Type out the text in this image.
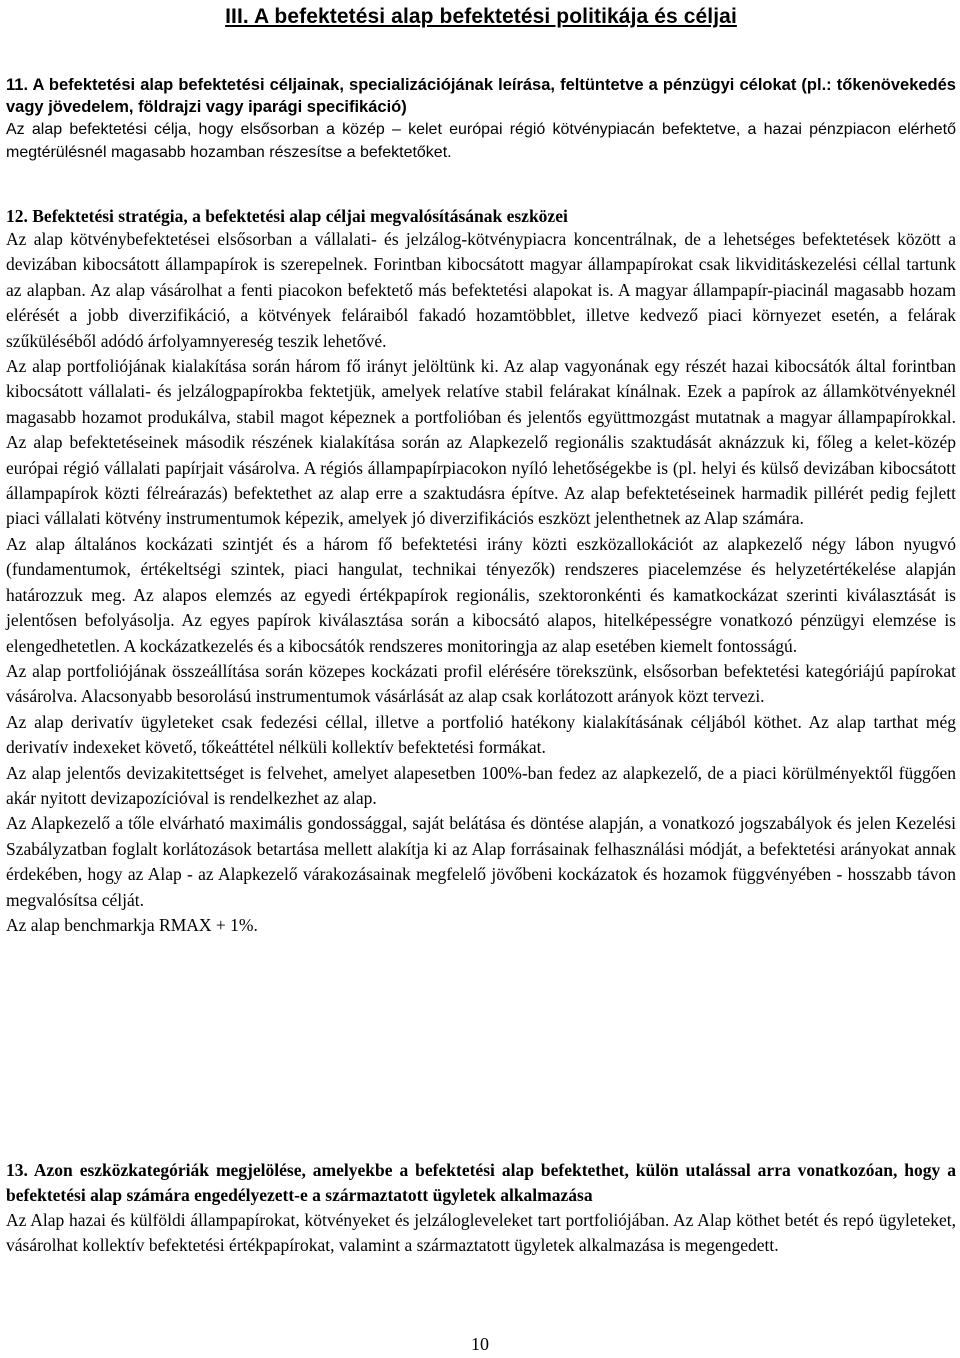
III. A befektetési alap befektetési politikája és céljai
11. A befektetési alap befektetési céljainak, specializációjának leírása, feltüntetve a pénzügyi célokat (pl.: tőkenövekedés vagy jövedelem, földrajzi vagy iparági specifikáció)

Az alap befektetési célja, hogy elsősorban a közép – kelet európai régió kötvénypiacán befektetve, a hazai pénzpiacon elérhető megtérülésnél magasabb hozamban részesítse a befektetőket.

12. Befektetési stratégia, a befektetési alap céljai megvalósításának eszközei

Az alap kötvénybefektetései elsősorban a vállalati- és jelzálog-kötvénypiacra koncentrálnak, de a lehetséges befektetések között a devizában kibocsátott állampapírok is szerepelnek. Forintban kibocsátott magyar állampapírokat csak likviditáskezelési céllal tartunk az alapban. Az alap vásárolhat a fenti piacokon befektető más befektetési alapokat is. A magyar állampapír-piacinál magasabb hozam elérését a jobb diverzifikáció, a kötvények feláraiból fakadó hozamtöbblet, illetve kedvező piaci környezet esetén, a felárak szűküléséből adódó árfolyamnyereség teszik lehetővé.

Az alap portfoliójának kialakítása során három fő irányt jelöltünk ki. Az alap vagyonának egy részét hazai kibocsátók által forintban kibocsátott vállalati- és jelzálogpapírokba fektetjük, amelyek relatíve stabil felárakat kínálnak. Ezek a papírok az államkötvényeknél magasabb hozamot produkálva, stabil magot képeznek a portfolióban és jelentős együttmozgást mutatnak a magyar állampapírokkal. Az alap befektetéseinek második részének kialakítása során az Alapkezelő regionális szaktudását aknázzuk ki, főleg a kelet-közép európai régió vállalati papírjait vásárolva. A régiós állampapírpiacokon nyíló lehetőségekbe is (pl. helyi és külső devizában kibocsátott állampapírok közti félreárazás) befektethet az alap erre a szaktudásra építve. Az alap befektetéseinek harmadik pillérét pedig fejlett piaci vállalati kötvény instrumentumok képezik, amelyek jó diverzifikációs eszközt jelenthetnek az Alap számára.

Az alap általános kockázati szintjét és a három fő befektetési irány közti eszközallokációt az alapkezelő négy lábon nyugvó (fundamentumok, értékeltségi szintek, piaci hangulat, technikai tényezők) rendszeres piacelemzése és helyzetértékelése alapján határozzuk meg. Az alapos elemzés az egyedi értékpapírok regionális, szektoronkénti és kamatkockázat szerinti kiválasztását is jelentősen befolyásolja. Az egyes papírok kiválasztása során a kibocsátó alapos, hitelképességre vonatkozó pénzügyi elemzése is elengedhetetlen. A kockázatkezelés és a kibocsátók rendszeres monitoringja az alap esetében kiemelt fontosságú.

Az alap portfoliójának összeállítása során közepes kockázati profil elérésére törekszünk, elsősorban befektetési kategóriájú papírokat vásárolva. Alacsonyabb besorolású instrumentumok vásárlását az alap csak korlátozott arányok közt tervezi.

Az alap derivatív ügyleteket csak fedezési céllal, illetve a portfolió hatékony kialakításának céljából köthet. Az alap tarthat még derivatív indexeket követő, tőkeáttétel nélküli kollektív befektetési formákat.

Az alap jelentős devizakitettséget is felvehet, amelyet alapesetben 100%-ban fedez az alapkezelő, de a piaci körülményektől függően akár nyitott devizapozícióval is rendelkezhet az alap.

Az Alapkezelő a tőle elvárható maximális gondossággal, saját belátása és döntése alapján, a vonatkozó jogszabályok és jelen Kezelési Szabályzatban foglalt korlátozások betartása mellett alakítja ki az Alap forrásainak felhasználási módját, a befektetési arányokat annak érdekében, hogy az Alap - az Alapkezelő várakozásainak megfelelő jövőbeni kockázatok és hozamok függvényében - hosszabb távon megvalósítsa célját.

Az alap benchmarkja RMAX + 1%.

13. Azon eszközkategóriák megjelölése, amelyekbe a befektetési alap befektethet, külön utalással arra vonatkozóan, hogy a befektetési alap számára engedélyezett-e a származtatott ügyletek alkalmazása

Az Alap hazai és külföldi állampapírokat, kötvényeket és jelzálogleveleket tart portfoliójában. Az Alap köthet betét és repó ügyleteket, vásárolhat kollektív befektetési értékpapírokat, valamint a származtatott ügyletek alkalmazása is megengedett.

10
